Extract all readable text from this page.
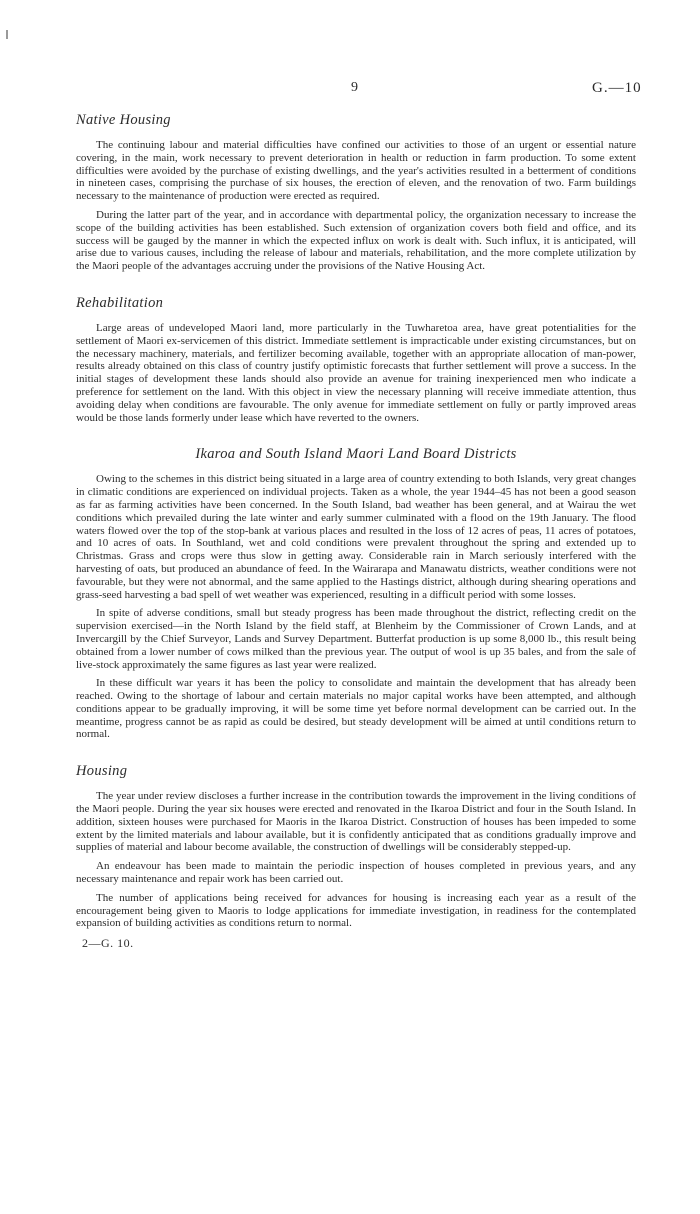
9	G.—10
Native Housing

The continuing labour and material difficulties have confined our activities to those of an urgent or essential nature covering, in the main, work necessary to prevent deterioration in health or reduction in farm production. To some extent difficulties were avoided by the purchase of existing dwellings, and the year's activities resulted in a betterment of conditions in nineteen cases, comprising the purchase of six houses, the erection of eleven, and the renovation of two. Farm buildings necessary to the maintenance of production were erected as required.

During the latter part of the year, and in accordance with departmental policy, the organization necessary to increase the scope of the building activities has been established. Such extension of organization covers both field and office, and its success will be gauged by the manner in which the expected influx on work is dealt with. Such influx, it is anticipated, will arise due to various causes, including the release of labour and materials, rehabilitation, and the more complete utilization by the Maori people of the advantages accruing under the provisions of the Native Housing Act.

Rehabilitation

Large areas of undeveloped Maori land, more particularly in the Tuwharetoa area, have great potentialities for the settlement of Maori ex-servicemen of this district. Immediate settlement is impracticable under existing circumstances, but on the necessary machinery, materials, and fertilizer becoming available, together with an appropriate allocation of man-power, results already obtained on this class of country justify optimistic forecasts that further settlement will prove a success. In the initial stages of development these lands should also provide an avenue for training inexperienced men who indicate a preference for settlement on the land. With this object in view the necessary planning will receive immediate attention, thus avoiding delay when conditions are favourable. The only avenue for immediate settlement on fully or partly improved areas would be those lands formerly under lease which have reverted to the owners.

Ikaroa and South Island Maori Land Board Districts

Owing to the schemes in this district being situated in a large area of country extending to both Islands, very great changes in climatic conditions are experienced on individual projects. Taken as a whole, the year 1944–45 has not been a good season as far as farming activities have been concerned. In the South Island, bad weather has been general, and at Wairau the wet conditions which prevailed during the late winter and early summer culminated with a flood on the 19th January. The flood waters flowed over the top of the stop-bank at various places and resulted in the loss of 12 acres of peas, 11 acres of potatoes, and 10 acres of oats. In Southland, wet and cold conditions were prevalent throughout the spring and extended up to Christmas. Grass and crops were thus slow in getting away. Considerable rain in March seriously interfered with the harvesting of oats, but produced an abundance of feed. In the Wairarapa and Manawatu districts, weather conditions were not favourable, but they were not abnormal, and the same applied to the Hastings district, although during shearing operations and grass-seed harvesting a bad spell of wet weather was experienced, resulting in a difficult period with some losses.

In spite of adverse conditions, small but steady progress has been made throughout the district, reflecting credit on the supervision exercised—in the North Island by the field staff, at Blenheim by the Commissioner of Crown Lands, and at Invercargill by the Chief Surveyor, Lands and Survey Department. Butterfat production is up some 8,000 lb., this result being obtained from a lower number of cows milked than the previous year. The output of wool is up 35 bales, and from the sale of live-stock approximately the same figures as last year were realized.

In these difficult war years it has been the policy to consolidate and maintain the development that has already been reached. Owing to the shortage of labour and certain materials no major capital works have been attempted, and although conditions appear to be gradually improving, it will be some time yet before normal development can be carried out. In the meantime, progress cannot be as rapid as could be desired, but steady development will be aimed at until conditions return to normal.

Housing

The year under review discloses a further increase in the contribution towards the improvement in the living conditions of the Maori people. During the year six houses were erected and renovated in the Ikaroa District and four in the South Island. In addition, sixteen houses were purchased for Maoris in the Ikaroa District. Construction of houses has been impeded to some extent by the limited materials and labour available, but it is confidently anticipated that as conditions gradually improve and supplies of material and labour become available, the construction of dwellings will be considerably stepped-up.

An endeavour has been made to maintain the periodic inspection of houses completed in previous years, and any necessary maintenance and repair work has been carried out.

The number of applications being received for advances for housing is increasing each year as a result of the encouragement being given to Maoris to lodge applications for immediate investigation, in readiness for the contemplated expansion of building activities as conditions return to normal.

2—G. 10.
